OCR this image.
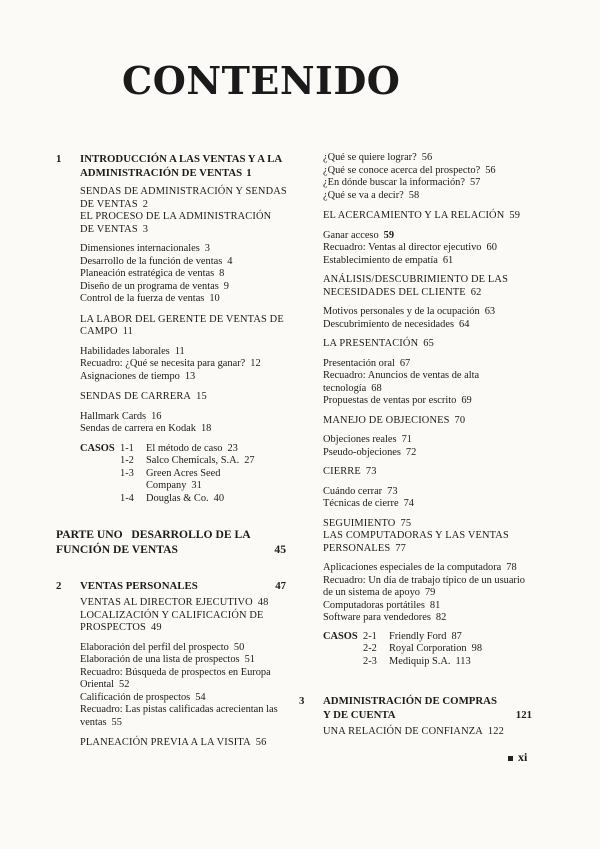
CONTENIDO
1 INTRODUCCIÓN A LAS VENTAS Y A LA ADMINISTRACIÓN DE VENTAS 1
SENDAS DE ADMINISTRACIÓN Y SENDAS DE VENTAS 2
EL PROCESO DE LA ADMINISTRACIÓN DE VENTAS 3
Dimensiones internacionales 3
Desarrollo de la función de ventas 4
Planeación estratégica de ventas 8
Diseño de un programa de ventas 9
Control de la fuerza de ventas 10
LA LABOR DEL GERENTE DE VENTAS DE CAMPO 11
Habilidades laborales 11
Recuadro: ¿Qué se necesita para ganar? 12
Asignaciones de tiempo 13
SENDAS DE CARRERA 15
Hallmark Cards 16
Sendas de carrera en Kodak 18
CASOS 1-1	El método de caso 23
1-2	Salco Chemicals, S.A. 27
1-3	Green Acres Seed Company 31
1-4	Douglas & Co. 40
PARTE UNO   DESARROLLO DE LA FUNCIÓN DE VENTAS	45
2 VENTAS PERSONALES	47
VENTAS AL DIRECTOR EJECUTIVO 48
LOCALIZACIÓN Y CALIFICACIÓN DE PROSPECTOS 49
Elaboración del perfil del prospecto 50
Elaboración de una lista de prospectos 51
Recuadro: Búsqueda de prospectos en Europa Oriental 52
Calificación de prospectos 54
Recuadro: Las pistas calificadas acrecientan las ventas 55
PLANEACIÓN PREVIA A LA VISITA 56
¿Qué se quiere lograr? 56
¿Qué se conoce acerca del prospecto? 56
¿En dónde buscar la información? 57
¿Qué se va a decir? 58
EL ACERCAMIENTO Y LA RELACIÓN 59
Ganar acceso 59
Recuadro: Ventas al director ejecutivo 60
Establecimiento de empatía 61
ANÁLISIS/DESCUBRIMIENTO DE LAS NECESIDADES DEL CLIENTE 62
Motivos personales y de la ocupación 63
Descubrimiento de necesidades 64
LA PRESENTACIÓN 65
Presentación oral 67
Recuadro: Anuncios de ventas de alta tecnología 68
Propuestas de ventas por escrito 69
MANEJO DE OBJECIONES 70
Objeciones reales 71
Pseudo-objeciones 72
CIERRE 73
Cuándo cerrar 73
Técnicas de cierre 74
SEGUIMIENTO 75
LAS COMPUTADORAS Y LAS VENTAS PERSONALES 77
Aplicaciones especiales de la computadora 78
Recuadro: Un día de trabajo típico de un usuario de un sistema de apoyo 79
Computadoras portátiles 81
Software para vendedores 82
CASOS 2-1	Friendly Ford 87
2-2	Royal Corporation 98
2-3	Mediquip S.A. 113
3 ADMINISTRACIÓN DE COMPRAS Y DE CUENTA	121
UNA RELACIÓN DE CONFIANZA 122
xi
